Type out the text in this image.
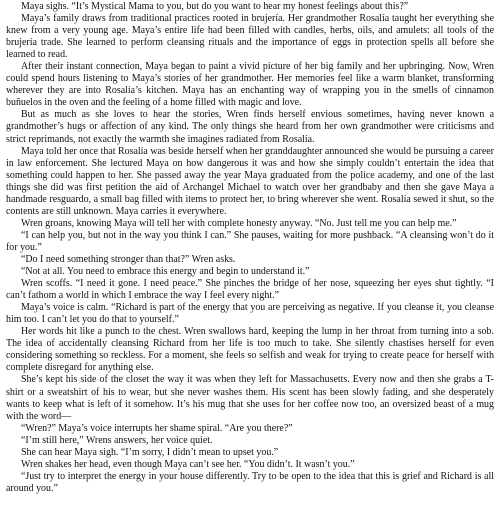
Maya sighs. “It’s Mystical Mama to you, but do you want to hear my honest feelings about this?”

Maya’s family draws from traditional practices rooted in brujería. Her grandmother Rosalía taught her everything she knew from a very young age. Maya’s entire life had been filled with candles, herbs, oils, and amulets: all tools of the brujería trade. She learned to perform cleansing rituals and the importance of eggs in protection spells all before she learned to read.

After their instant connection, Maya began to paint a vivid picture of her big family and her upbringing. Now, Wren could spend hours listening to Maya’s stories of her grandmother. Her memories feel like a warm blanket, transforming wherever they are into Rosalía’s kitchen. Maya has an enchanting way of wrapping you in the smells of cinnamon buñuelos in the oven and the feeling of a home filled with magic and love.

But as much as she loves to hear the stories, Wren finds herself envious sometimes, having never known a grandmother’s hugs or affection of any kind. The only things she heard from her own grandmother were criticisms and strict reprimands, not exactly the warmth she imagines radiated from Rosalía.

Maya told her once that Rosalía was beside herself when her granddaughter announced she would be pursuing a career in law enforcement. She lectured Maya on how dangerous it was and how she simply couldn’t entertain the idea that something could happen to her. She passed away the year Maya graduated from the police academy, and one of the last things she did was first petition the aid of Archangel Michael to watch over her grandbaby and then she gave Maya a handmade resguardo, a small bag filled with items to protect her, to bring wherever she went. Rosalía sewed it shut, so the contents are still unknown. Maya carries it everywhere.

Wren groans, knowing Maya will tell her with complete honesty anyway. “No. Just tell me you can help me.”

“I can help you, but not in the way you think I can.” She pauses, waiting for more pushback. “A cleansing won’t do it for you.”

“Do I need something stronger than that?” Wren asks.

“Not at all. You need to embrace this energy and begin to understand it.”

Wren scoffs. “I need it gone. I need peace.” She pinches the bridge of her nose, squeezing her eyes shut tightly. “I can’t fathom a world in which I embrace the way I feel every night.”

Maya’s voice is calm. “Richard is part of the energy that you are perceiving as negative. If you cleanse it, you cleanse him too. I can’t let you do that to yourself.”

Her words hit like a punch to the chest. Wren swallows hard, keeping the lump in her throat from turning into a sob. The idea of accidentally cleansing Richard from her life is too much to take. She silently chastises herself for even considering something so reckless. For a moment, she feels so selfish and weak for trying to create peace for herself with complete disregard for anything else.

She’s kept his side of the closet the way it was when they left for Massachusetts. Every now and then she grabs a T-shirt or a sweatshirt of his to wear, but she never washes them. His scent has been slowly fading, and she desperately wants to keep what is left of it somehow. It’s his mug that she uses for her coffee now too, an oversized beast of a mug with the word—

“Wren?” Maya’s voice interrupts her shame spiral. “Are you there?”

“I’m still here,” Wrens answers, her voice quiet.

She can hear Maya sigh. “I’m sorry, I didn’t mean to upset you.”

Wren shakes her head, even though Maya can’t see her. “You didn’t. It wasn’t you.”

“Just try to interpret the energy in your house differently. Try to be open to the idea that this is grief and Richard is all around you.”
